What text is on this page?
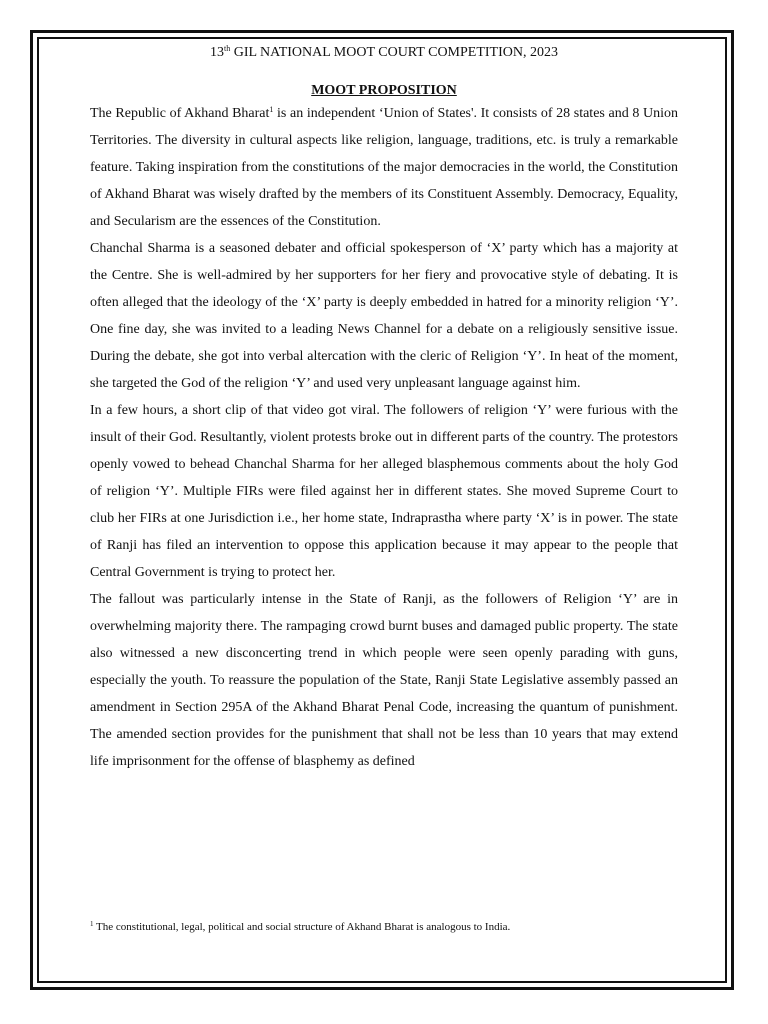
13th GIL NATIONAL MOOT COURT COMPETITION, 2023

MOOT PROPOSITION

The Republic of Akhand Bharat$^1$ is an independent ‘Union of States'. It consists of 28 states and 8 Union Territories. The diversity in cultural aspects like religion, language, traditions, etc. is truly a remarkable feature. Taking inspiration from the constitutions of the major democracies in the world, the Constitution of Akhand Bharat was wisely drafted by the members of its Constituent Assembly. Democracy, Equality, and Secularism are the essences of the Constitution.

Chanchal Sharma is a seasoned debater and official spokesperson of ‘X’ party which has a majority at the Centre. She is well-admired by her supporters for her fiery and provocative style of debating. It is often alleged that the ideology of the ‘X’ party is deeply embedded in hatred for a minority religion ‘Y’. One fine day, she was invited to a leading News Channel for a debate on a religiously sensitive issue. During the debate, she got into verbal altercation with the cleric of Religion ‘Y’. In heat of the moment, she targeted the God of the religion ‘Y’ and used very unpleasant language against him.

In a few hours, a short clip of that video got viral. The followers of religion ‘Y’ were furious with the insult of their God. Resultantly, violent protests broke out in different parts of the country. The protestors openly vowed to behead Chanchal Sharma for her alleged blasphemous comments about the holy God of religion ‘Y’. Multiple FIRs were filed against her in different states. She moved Supreme Court to club her FIRs at one Jurisdiction i.e., her home state, Indraprastha where party ‘X’ is in power. The state of Ranji has filed an intervention to oppose this application because it may appear to the people that Central Government is trying to protect her.

The fallout was particularly intense in the State of Ranji, as the followers of Religion ‘Y’ are in overwhelming majority there. The rampaging crowd burnt buses and damaged public property. The state also witnessed a new disconcerting trend in which people were seen openly parading with guns, especially the youth. To reassure the population of the State, Ranji State Legislative assembly passed an amendment in Section 295A of the Akhand Bharat Penal Code, increasing the quantum of punishment. The amended section provides for the punishment that shall not be less than 10 years that may extend life imprisonment for the offense of blasphemy as defined

$^1$ The constitutional, legal, political and social structure of Akhand Bharat is analogous to India.
